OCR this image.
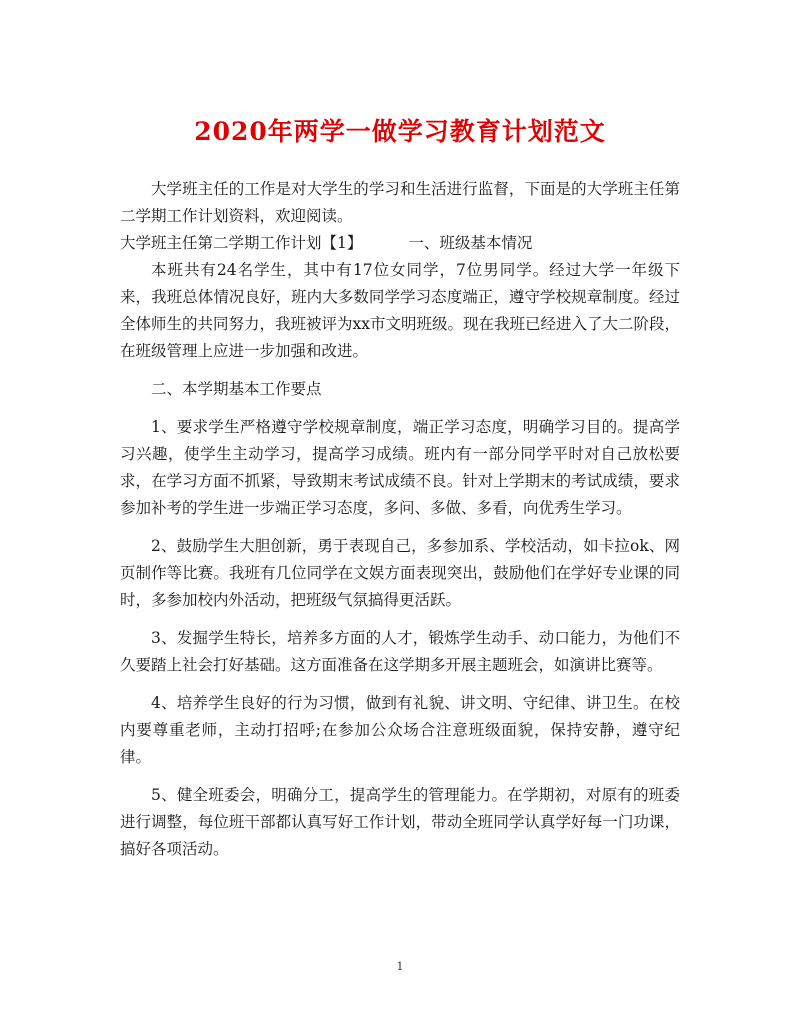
2020年两学一做学习教育计划范文

大学班主任的工作是对大学生的学习和生活进行监督，下面是的大学班主任第二学期工作计划资料，欢迎阅读。

大学班主任第二学期工作计划【1】	一、班级基本情况

本班共有24名学生，其中有17位女同学，7位男同学。经过大学一年级下来，我班总体情况良好，班内大多数同学学习态度端正，遵守学校规章制度。经过全体师生的共同努力，我班被评为xx市文明班级。现在我班已经进入了大二阶段，在班级管理上应进一步加强和改进。

二、本学期基本工作要点

1、要求学生严格遵守学校规章制度，端正学习态度，明确学习目的。提高学习兴趣，使学生主动学习，提高学习成绩。班内有一部分同学平时对自己放松要求，在学习方面不抓紧，导致期末考试成绩不良。针对上学期末的考试成绩，要求参加补考的学生进一步端正学习态度，多问、多做、多看，向优秀生学习。

2、鼓励学生大胆创新，勇于表现自己，多参加系、学校活动，如卡拉ok、网页制作等比赛。我班有几位同学在文娱方面表现突出，鼓励他们在学好专业课的同时，多参加校内外活动，把班级气氛搞得更活跃。

3、发掘学生特长，培养多方面的人才，锻炼学生动手、动口能力，为他们不久要踏上社会打好基础。这方面准备在这学期多开展主题班会，如演讲比赛等。

4、培养学生良好的行为习惯，做到有礼貌、讲文明、守纪律、讲卫生。在校内要尊重老师，主动打招呼;在参加公众场合注意班级面貌，保持安静，遵守纪律。

5、健全班委会，明确分工，提高学生的管理能力。在学期初，对原有的班委进行调整，每位班干部都认真写好工作计划，带动全班同学认真学好每一门功课，搞好各项活动。

1
